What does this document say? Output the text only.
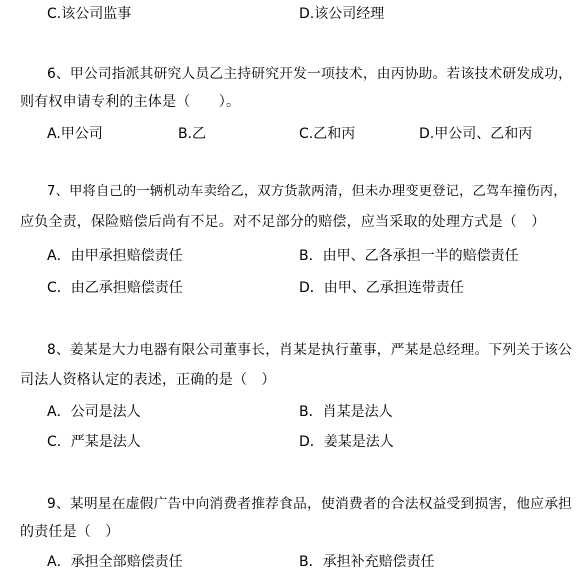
C.该公司监事	D.该公司经理
6、甲公司指派其研究人员乙主持研究开发一项技术，由丙协助。若该技术研发成功，
则有权申请专利的主体是（　　）。
A.甲公司	B.乙	C.乙和丙	D.甲公司、乙和丙
7、甲将自己的一辆机动车卖给乙，双方货款两清，但未办理变更登记，乙驾车撞伤丙，
应负全责，保险赔偿后尚有不足。对不足部分的赔偿，应当采取的处理方式是（　）
A．由甲承担赔偿责任	B．由甲、乙各承担一半的赔偿责任
C．由乙承担赔偿责任	D．由甲、乙承担连带责任
8、姜某是大力电器有限公司董事长，肖某是执行董事，严某是总经理。下列关于该公
司法人资格认定的表述，正确的是（　）
A．公司是法人	B．肖某是法人
C．严某是法人	D．姜某是法人
9、某明星在虚假广告中向消费者推荐食品，使消费者的合法权益受到损害，他应承担
的责任是（　）
A．承担全部赔偿责任	B．承担补充赔偿责任
